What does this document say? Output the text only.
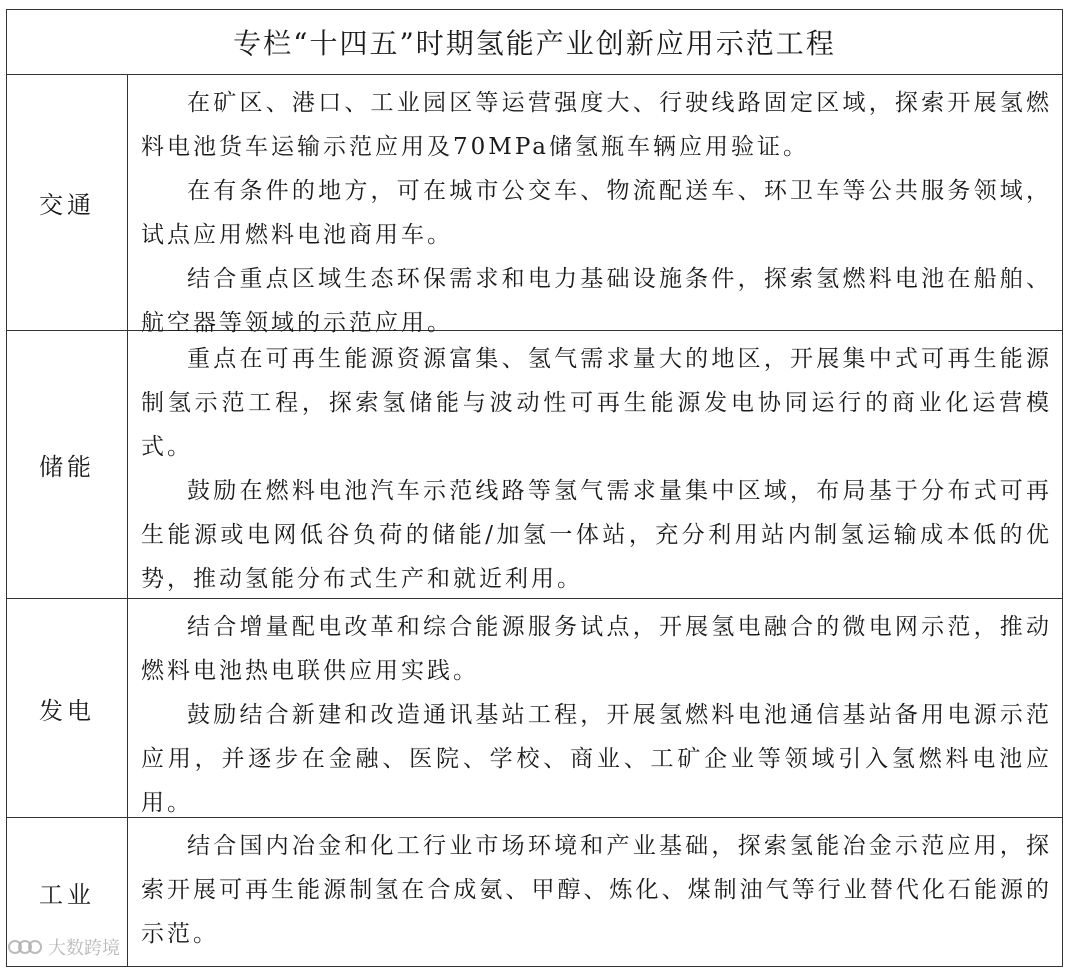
专栏“十四五”时期氢能产业创新应用示范工程
交通

在矿区、港口、工业园区等运营强度大、行驶线路固定区域，探索开展氢燃料电池货车运输示范应用及70MPa储氢瓶车辆应用验证。

在有条件的地方，可在城市公交车、物流配送车、环卫车等公共服务领域，试点应用燃料电池商用车。

结合重点区域生态环保需求和电力基础设施条件，探索氢燃料电池在船舶、航空器等领域的示范应用。

储能

重点在可再生能源资源富集、氢气需求量大的地区，开展集中式可再生能源制氢示范工程，探索氢储能与波动性可再生能源发电协同运行的商业化运营模式。

鼓励在燃料电池汽车示范线路等氢气需求量集中区域，布局基于分布式可再生能源或电网低谷负荷的储能/加氢一体站，充分利用站内制氢运输成本低的优势，推动氢能分布式生产和就近利用。

发电

结合增量配电改革和综合能源服务试点，开展氢电融合的微电网示范，推动燃料电池热电联供应用实践。

鼓励结合新建和改造通讯基站工程，开展氢燃料电池通信基站备用电源示范应用，并逐步在金融、医院、学校、商业、工矿企业等领域引入氢燃料电池应用。

工业

结合国内冶金和化工行业市场环境和产业基础，探索氢能冶金示范应用，探索开展可再生能源制氢在合成氨、甲醇、炼化、煤制油气等行业替代化石能源的示范。

大数跨境
